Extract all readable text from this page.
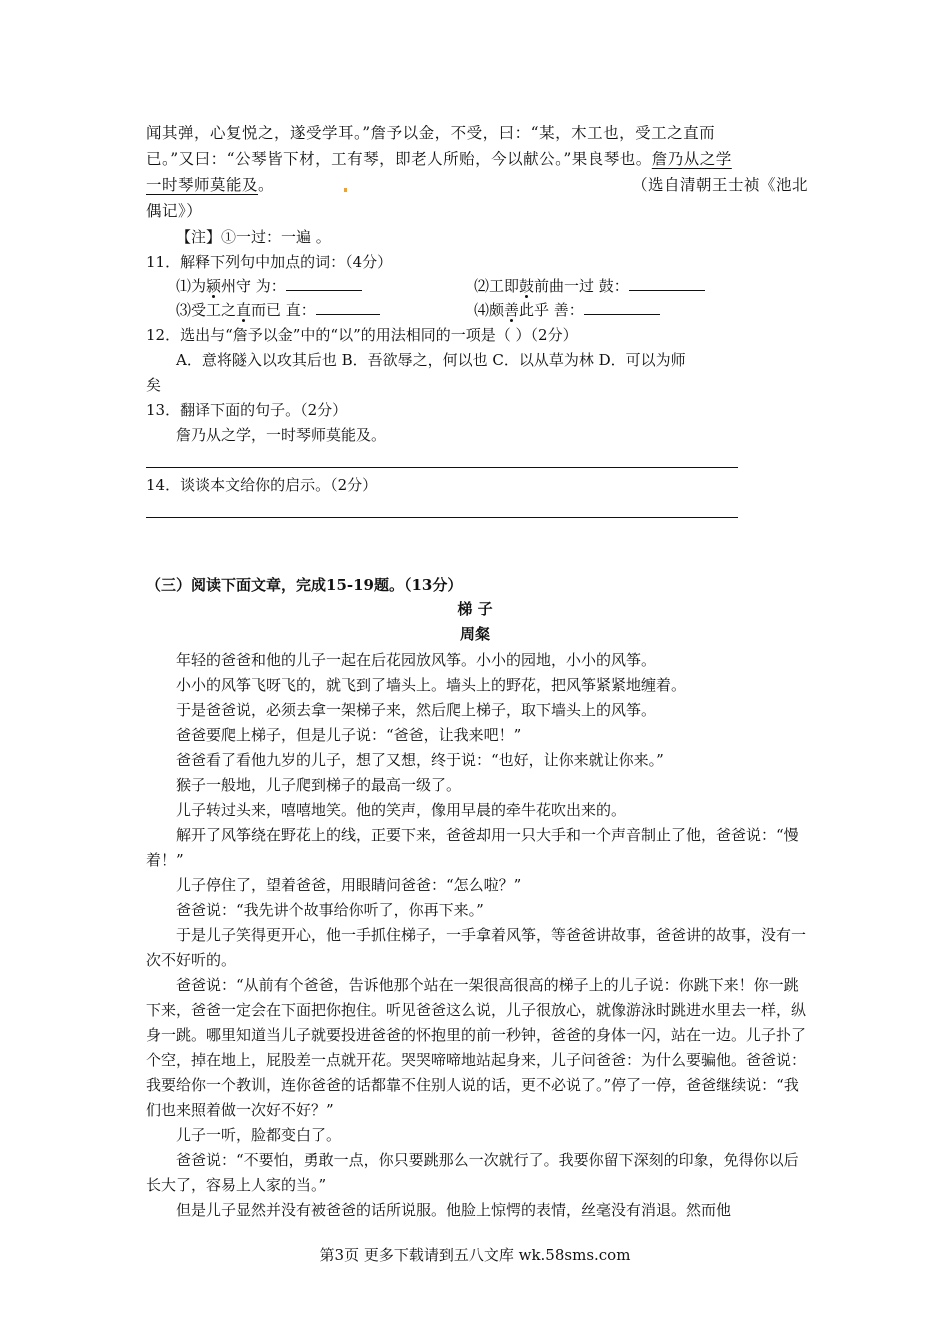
闻其弹，心复悦之，遂受学耳。”詹予以金，不受，曰：“某，木工也，受工之直而
已。”又曰：“公琴皆下材，工有琴，即老人所贻，今以献公。”果良琴也。詹乃从之学
一时琴师莫能及。	（选自清朝王士祯《池北
偶记》）
【注】①一过：一遍 。
11．解释下列句中加点的词：（4分）
⑴为颍州守 为：	⑵工即鼓前曲一过 鼓：
⑶受工之直而已 直：	⑷颇善此乎 善：
12．选出与“詹予以金”中的“以”的用法相同的一项是（ ）（2分）
A．意将隧入以攻其后也 B．吾欲辱之，何以也 C．以从草为林 D．可以为师
矣
13．翻译下面的句子。（2分）
詹乃从之学，一时琴师莫能及。
14．谈谈本文给你的启示。（2分）
（三）阅读下面文章，完成15-19题。（13分）
梯 子
周粲
年轻的爸爸和他的儿子一起在后花园放风筝。小小的园地，小小的风筝。
小小的风筝飞呀飞的，就飞到了墙头上。墙头上的野花，把风筝紧紧地缠着。
于是爸爸说，必须去拿一架梯子来，然后爬上梯子，取下墙头上的风筝。
爸爸要爬上梯子，但是儿子说：“爸爸，让我来吧！”
爸爸看了看他九岁的儿子，想了又想，终于说：“也好，让你来就让你来。”
猴子一般地，儿子爬到梯子的最高一级了。
儿子转过头来，嘻嘻地笑。他的笑声，像用早晨的牵牛花吹出来的。
解开了风筝绕在野花上的线，正要下来，爸爸却用一只大手和一个声音制止了他，爸爸说：“慢着！”
儿子停住了，望着爸爸，用眼睛问爸爸：“怎么啦？”
爸爸说：“我先讲个故事给你听了，你再下来。”
于是儿子笑得更开心，他一手抓住梯子，一手拿着风筝，等爸爸讲故事，爸爸讲的故事，没有一次不好听的。
爸爸说：“从前有个爸爸，告诉他那个站在一架很高很高的梯子上的儿子说：你跳下来！你一跳下来，爸爸一定会在下面把你抱住。听见爸爸这么说，儿子很放心，就像游泳时跳进水里去一样，纵身一跳。哪里知道当儿子就要投进爸爸的怀抱里的前一秒钟，爸爸的身体一闪，站在一边。儿子扑了个空，掉在地上，屁股差一点就开花。哭哭啼啼地站起身来，儿子问爸爸：为什么要骗他。爸爸说：我要给你一个教训，连你爸爸的话都靠不住别人说的话，更不必说了。”停了一停，爸爸继续说：“我们也来照着做一次好不好？”
儿子一听，脸都变白了。
爸爸说：“不要怕，勇敢一点，你只要跳那么一次就行了。我要你留下深刻的印象，免得你以后长大了，容易上人家的当。”
但是儿子显然并没有被爸爸的话所说服。他脸上惊愕的表情，丝毫没有消退。然而他
第3页 更多下载请到五八文库 wk.58sms.com
